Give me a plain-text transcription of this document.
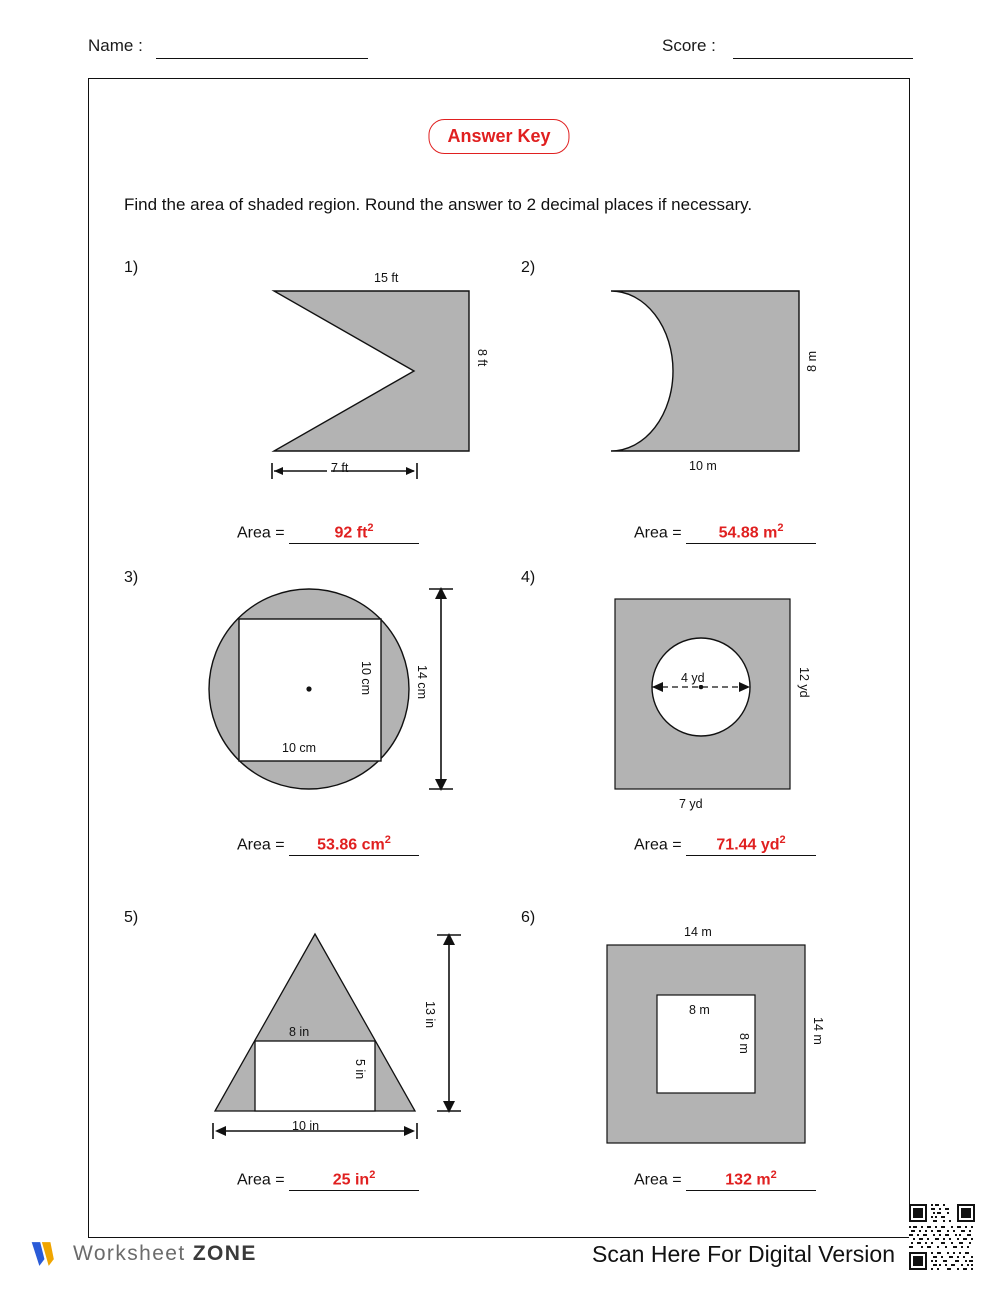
Name :	Score :
Answer Key
Find the area of shaded region. Round the answer to 2 decimal places if necessary.
1)
15 ft
8 ft
7 ft
Area =	92 $ft^2$
2)
8 m
10 m
Area = 54.88 $m^2$
3)
10 cm
10 cm
14 cm
Area = 53.86 $cm^2$
4)
4 yd	12 yd
7 yd
Area = 71.44 $yd^2$
5)
8 in
5 in
13 in
10 in
Area =	25 $in^2$
6)
14 m
14 m
8 m
8 m
Area = 132 $m^2$
Worksheet ZONE	Scan Here For Digital Version
